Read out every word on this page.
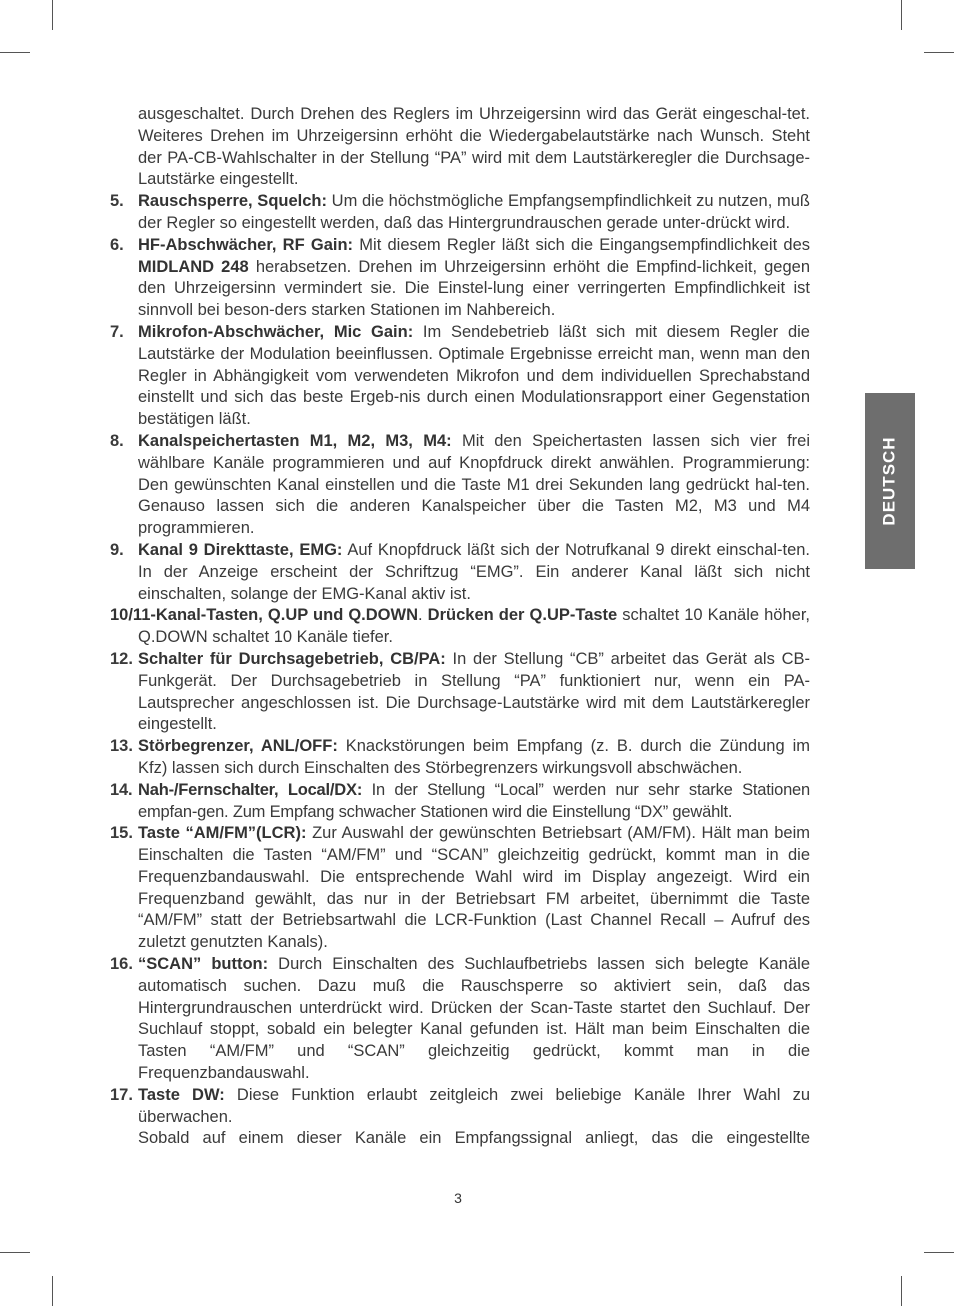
DEUTSCH

ausgeschaltet. Durch Drehen des Reglers im Uhrzeigersinn wird das Gerät eingeschal-tet. Weiteres Drehen im Uhrzeigersinn erhöht die Wiedergabelautstärke nach Wunsch. Steht der PA-CB-Wahlschalter in der Stellung “PA” wird mit dem Lautstärkeregler die Durchsage-Lautstärke eingestellt.

5. Rauschsperre, Squelch: Um die höchstmögliche Empfangsempfindlichkeit zu nutzen, muß der Regler so eingestellt werden, daß das Hintergrundrauschen gerade unter-drückt wird.

6. HF-Abschwächer, RF Gain: Mit diesem Regler läßt sich die Eingangsempfindlichkeit des MIDLAND 248 herabsetzen. Drehen im Uhrzeigersinn erhöht die Empfind-lichkeit, gegen den Uhrzeigersinn vermindert sie. Die Einstel-lung einer verringerten Empfindlichkeit ist sinnvoll bei beson-ders starken Stationen im Nahbereich.

7. Mikrofon-Abschwächer, Mic Gain: Im Sendebetrieb läßt sich mit diesem Regler die Lautstärke der Modulation beeinflussen. Optimale Ergebnisse erreicht man, wenn man den Regler in Abhängigkeit vom verwendeten Mikrofon und dem individuellen Sprechabstand einstellt und sich das beste Ergeb-nis durch einen Modulationsrapport einer Gegenstation bestätigen läßt.

8. Kanalspeichertasten M1, M2, M3, M4: Mit den Speichertasten lassen sich vier frei wählbare Kanäle programmieren und auf Knopfdruck direkt anwählen. Programmierung: Den gewünschten Kanal einstellen und die Taste M1 drei Sekunden lang gedrückt hal-ten. Genauso lassen sich die anderen Kanalspeicher über die Tasten M2, M3 und M4 programmieren.

9. Kanal 9 Direkttaste, EMG: Auf Knopfdruck läßt sich der Notrufkanal 9 direkt einschal-ten. In der Anzeige erscheint der Schriftzug “EMG”. Ein anderer Kanal läßt sich nicht einschalten, solange der EMG-Kanal aktiv ist.

10/11-Kanal-Tasten, Q.UP und Q.DOWN. Drücken der Q.UP-Taste schaltet 10 Kanäle höher, Q.DOWN schaltet 10 Kanäle tiefer.

12. Schalter für Durchsagebetrieb, CB/PA: In der Stellung “CB” arbeitet das Gerät als CB-Funkgerät. Der Durchsagebetrieb in Stellung “PA” funktioniert nur, wenn ein PA-Lautsprecher angeschlossen ist. Die Durchsage-Lautstärke wird mit dem Lautstärkeregler eingestellt.

13. Störbegrenzer, ANL/OFF: Knackstörungen beim Empfang (z. B. durch die Zündung im Kfz) lassen sich durch Einschalten des Störbegrenzers wirkungsvoll abschwächen.

14. Nah-/Fernschalter, Local/DX: In der Stellung “Local” werden nur sehr starke Stationen empfan-gen. Zum Empfang schwacher Stationen wird die Einstellung “DX” gewählt.

15. Taste “AM/FM”(LCR): Zur Auswahl der gewünschten Betriebsart (AM/FM). Hält man beim Einschalten die Tasten “AM/FM” und “SCAN” gleichzeitig gedrückt, kommt man in die Frequenzbandauswahl. Die entsprechende Wahl wird im Display angezeigt. Wird ein Frequenzband gewählt, das nur in der Betriebsart FM arbeitet, übernimmt die Taste “AM/FM” statt der Betriebsartwahl die LCR-Funktion (Last Channel Recall – Aufruf des zuletzt genutzten Kanals).

16. “SCAN” button: Durch Einschalten des Suchlaufbetriebs lassen sich belegte Kanäle automatisch suchen. Dazu muß die Rauschsperre so aktiviert sein, daß das Hintergrundrauschen unterdrückt wird. Drücken der Scan-Taste startet den Suchlauf. Der Suchlauf stoppt, sobald ein belegter Kanal gefunden ist. Hält man beim Einschalten die Tasten “AM/FM” und “SCAN” gleichzeitig gedrückt, kommt man in die Frequenzbandauswahl.

17. Taste DW: Diese Funktion erlaubt zeitgleich zwei beliebige Kanäle Ihrer Wahl zu überwachen.

Sobald auf einem dieser Kanäle ein Empfangssignal anliegt, das die eingestellte

3
